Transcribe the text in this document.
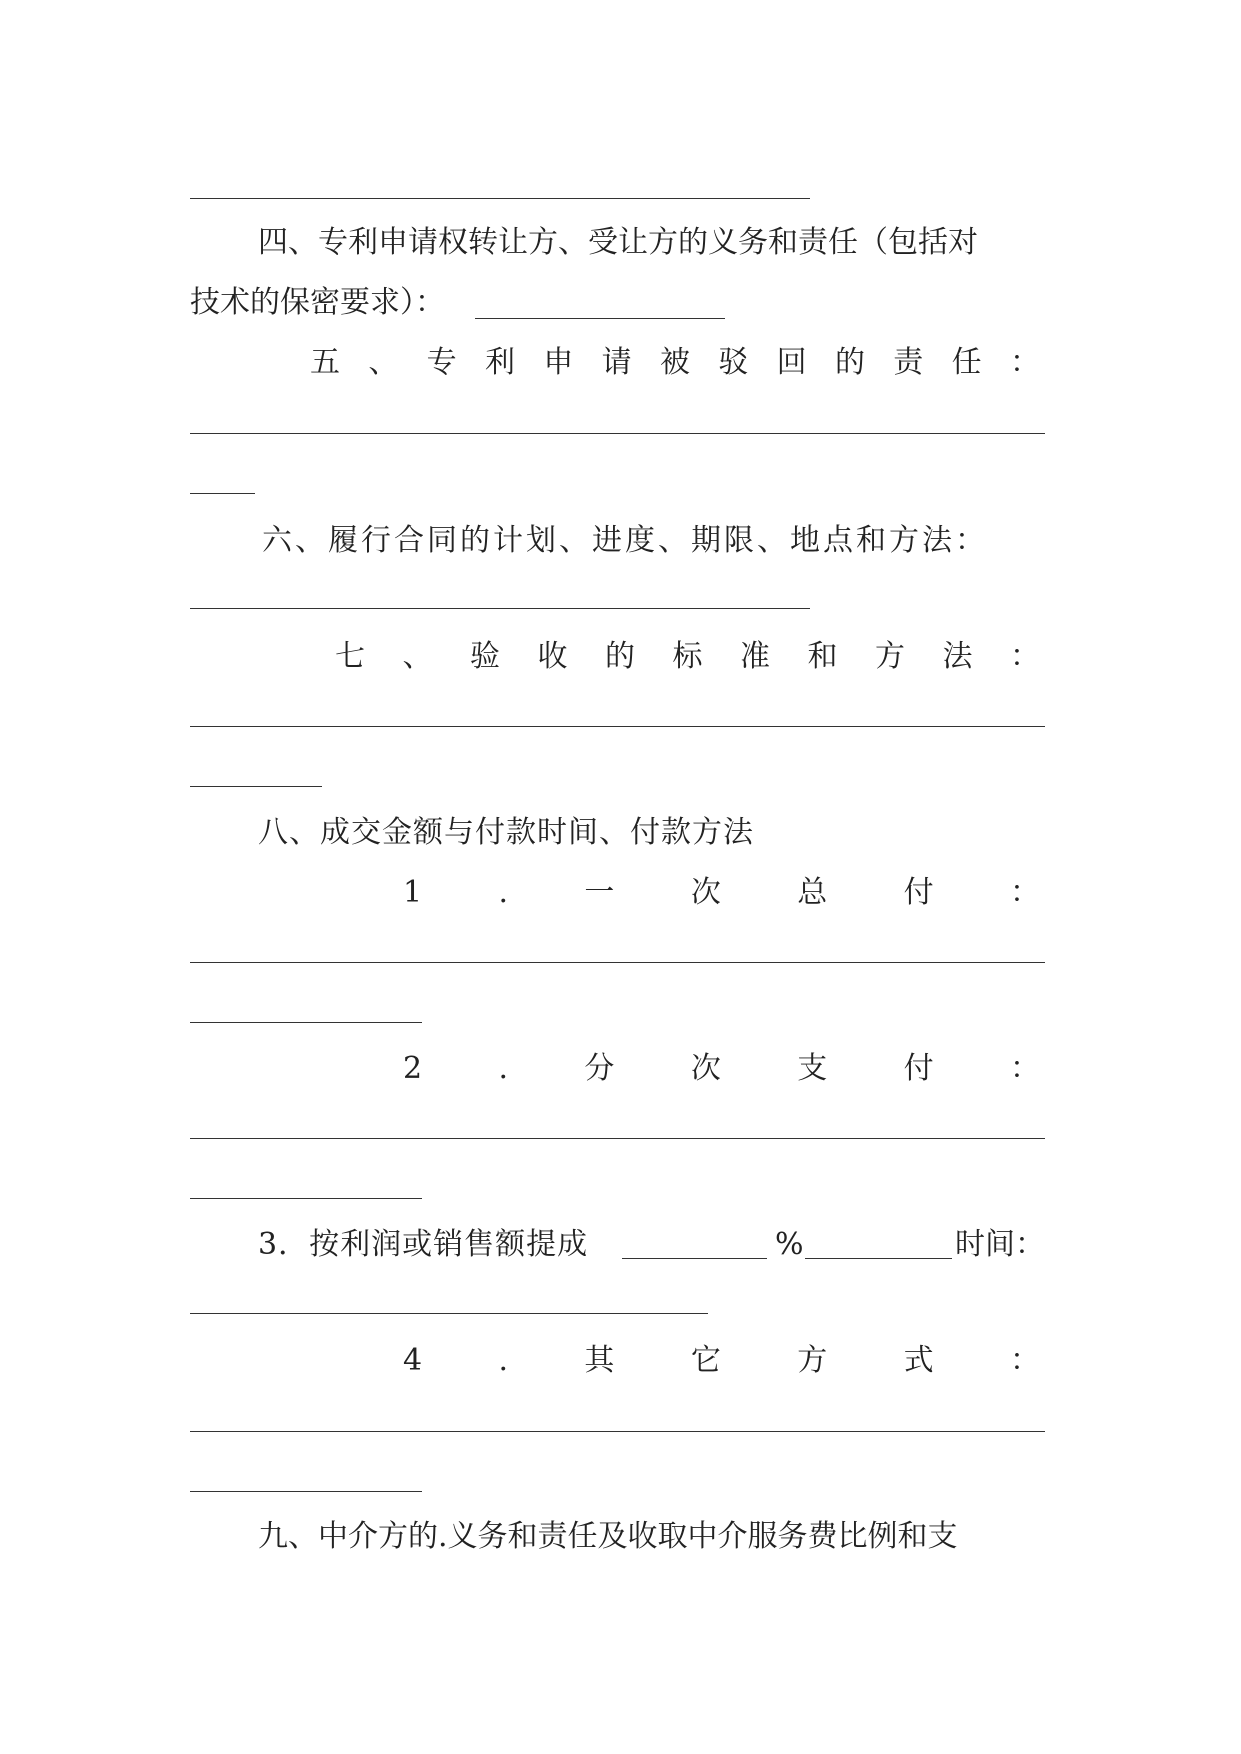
四、专利申请权转让方、受让方的义务和责任（包括对
技术的保密要求）：
五 、 专 利 申 请 被 驳 回 的 责 任 ：
六、履行合同的计划、进度、期限、地点和方法：
七 、 验 收 的 标 准 和 方 法 ：
八、成交金额与付款时间、付款方法
1	.	一	次	总	付	：
2	.	分	次	支	付	：
3．按利润或销售额提成	%	时间：
4	.	其	它	方	式	：
九、中介方的.义务和责任及收取中介服务费比例和支
